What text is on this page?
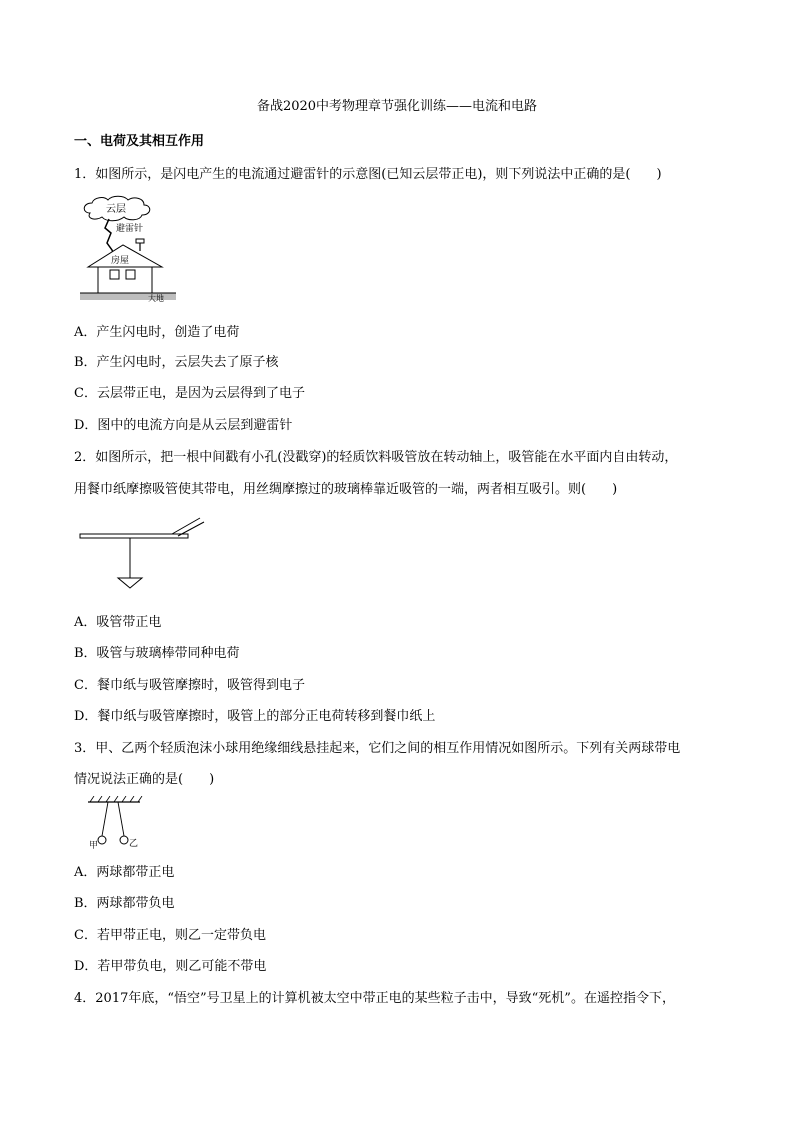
备战2020中考物理章节强化训练——电流和电路
一、电荷及其相互作用
1．如图所示，是闪电产生的电流通过避雷针的示意图(已知云层带正电)，则下列说法中正确的是(　　)
云层
避雷针
房屋
大地
A．产生闪电时，创造了电荷
B．产生闪电时，云层失去了原子核
C．云层带正电，是因为云层得到了电子
D．图中的电流方向是从云层到避雷针
2．如图所示，把一根中间戳有小孔(没戳穿)的轻质饮料吸管放在转动轴上，吸管能在水平面内自由转动，
用餐巾纸摩擦吸管使其带电，用丝绸摩擦过的玻璃棒靠近吸管的一端，两者相互吸引。则(　　)
A．吸管带正电
B．吸管与玻璃棒带同种电荷
C．餐巾纸与吸管摩擦时，吸管得到电子
D．餐巾纸与吸管摩擦时，吸管上的部分正电荷转移到餐巾纸上
3．甲、乙两个轻质泡沫小球用绝缘细线悬挂起来，它们之间的相互作用情况如图所示。下列有关两球带电
情况说法正确的是(　　)
甲	乙
A．两球都带正电
B．两球都带负电
C．若甲带正电，则乙一定带负电
D．若甲带负电，则乙可能不带电
4．2017年底，“悟空”号卫星上的计算机被太空中带正电的某些粒子击中，导致“死机”。在遥控指令下，
